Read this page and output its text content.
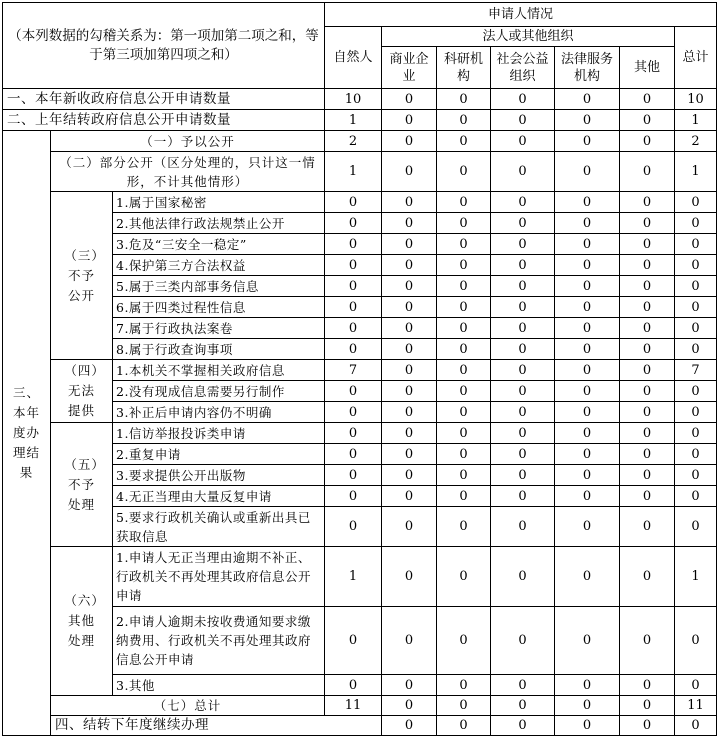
（本列数据的勾稽关系为：第一项加第二项之和，等于第三项加第四项之和）			申请人情况							
			自然人	法人或其他组织					总计	
				商业企业	科研机构	社会公益组织	法律服务机构	其他		
一、本年新收政府信息公开申请数量			10	0	0	0	0	0	10	
二、上年结转政府信息公开申请数量			1	0	0	0	0	0	1	
三、本年度办理结果	（一）予以公开		2	0	0	0	0	0	2	
	（二）部分公开（区分处理的，只计这一情形，不计其他情形）		1	0	0	0	0	0	1	
	（三）不予公开	1.属于国家秘密	0	0	0	0	0	0	0	
		2.其他法律行政法规禁止公开	0	0	0	0	0	0	0	
		3.危及“三安全一稳定”	0	0	0	0	0	0	0	
		4.保护第三方合法权益	0	0	0	0	0	0	0	
		5.属于三类内部事务信息	0	0	0	0	0	0	0	
		6.属于四类过程性信息	0	0	0	0	0	0	0	
		7.属于行政执法案卷	0	0	0	0	0	0	0	
		8.属于行政查询事项	0	0	0	0	0	0	0	
	（四）无法提供	1.本机关不掌握相关政府信息	7	0	0	0	0	0	7	
		2.没有现成信息需要另行制作	0	0	0	0	0	0	0	
		3.补正后申请内容仍不明确	0	0	0	0	0	0	0	
	（五）不予处理	1.信访举报投诉类申请	0	0	0	0	0	0	0	
		2.重复申请	0	0	0	0	0	0	0	
		3.要求提供公开出版物	0	0	0	0	0	0	0	
		4.无正当理由大量反复申请	0	0	0	0	0	0	0	
		5.要求行政机关确认或重新出具已获取信息	0	0	0	0	0	0	0	
	（六）其他处理	1.申请人无正当理由逾期不补正、行政机关不再处理其政府信息公开申请	1	0	0	0	0	0	1	
		2.申请人逾期未按收费通知要求缴纳费用、行政机关不再处理其政府信息公开申请	0	0	0	0	0	0	0	
		3.其他	0	0	0	0	0	0	0	
	（七）总计		11	0	0	0	0	0	11	
	四、结转下年度继续办理			0	0	0	0	0	0	
